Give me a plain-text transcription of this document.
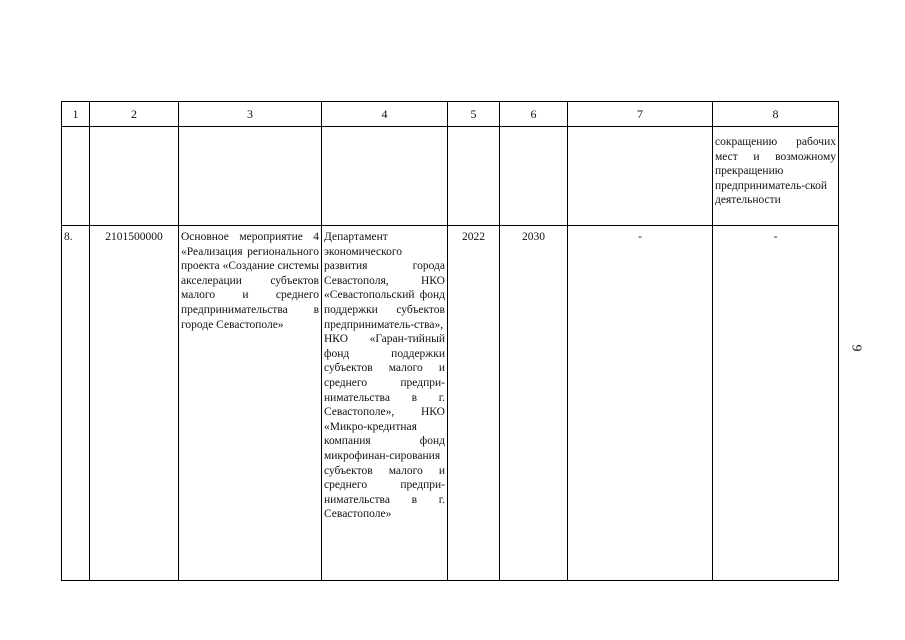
9
1	2	3	4	5	6	7	8
							сокращению рабочих мест и возможному прекращению предприниматель-ской деятельности
8.	2101500000	Основное мероприятие 4 «Реализация регионального проекта «Создание системы акселерации субъектов малого и среднего предпринимательства в городе Севастополе»	Департамент экономического развития города Севастополя, НКО «Севастопольский фонд поддержки субъектов предприниматель-ства», НКО «Гаран-тийный фонд поддержки субъектов малого и среднего предпри-нимательства в г. Севастополе», НКО «Микро-кредитная компания фонд микрофинан-сирования субъектов малого и среднего предпри-нимательства в г. Севастополе»	2022	2030	-	-
